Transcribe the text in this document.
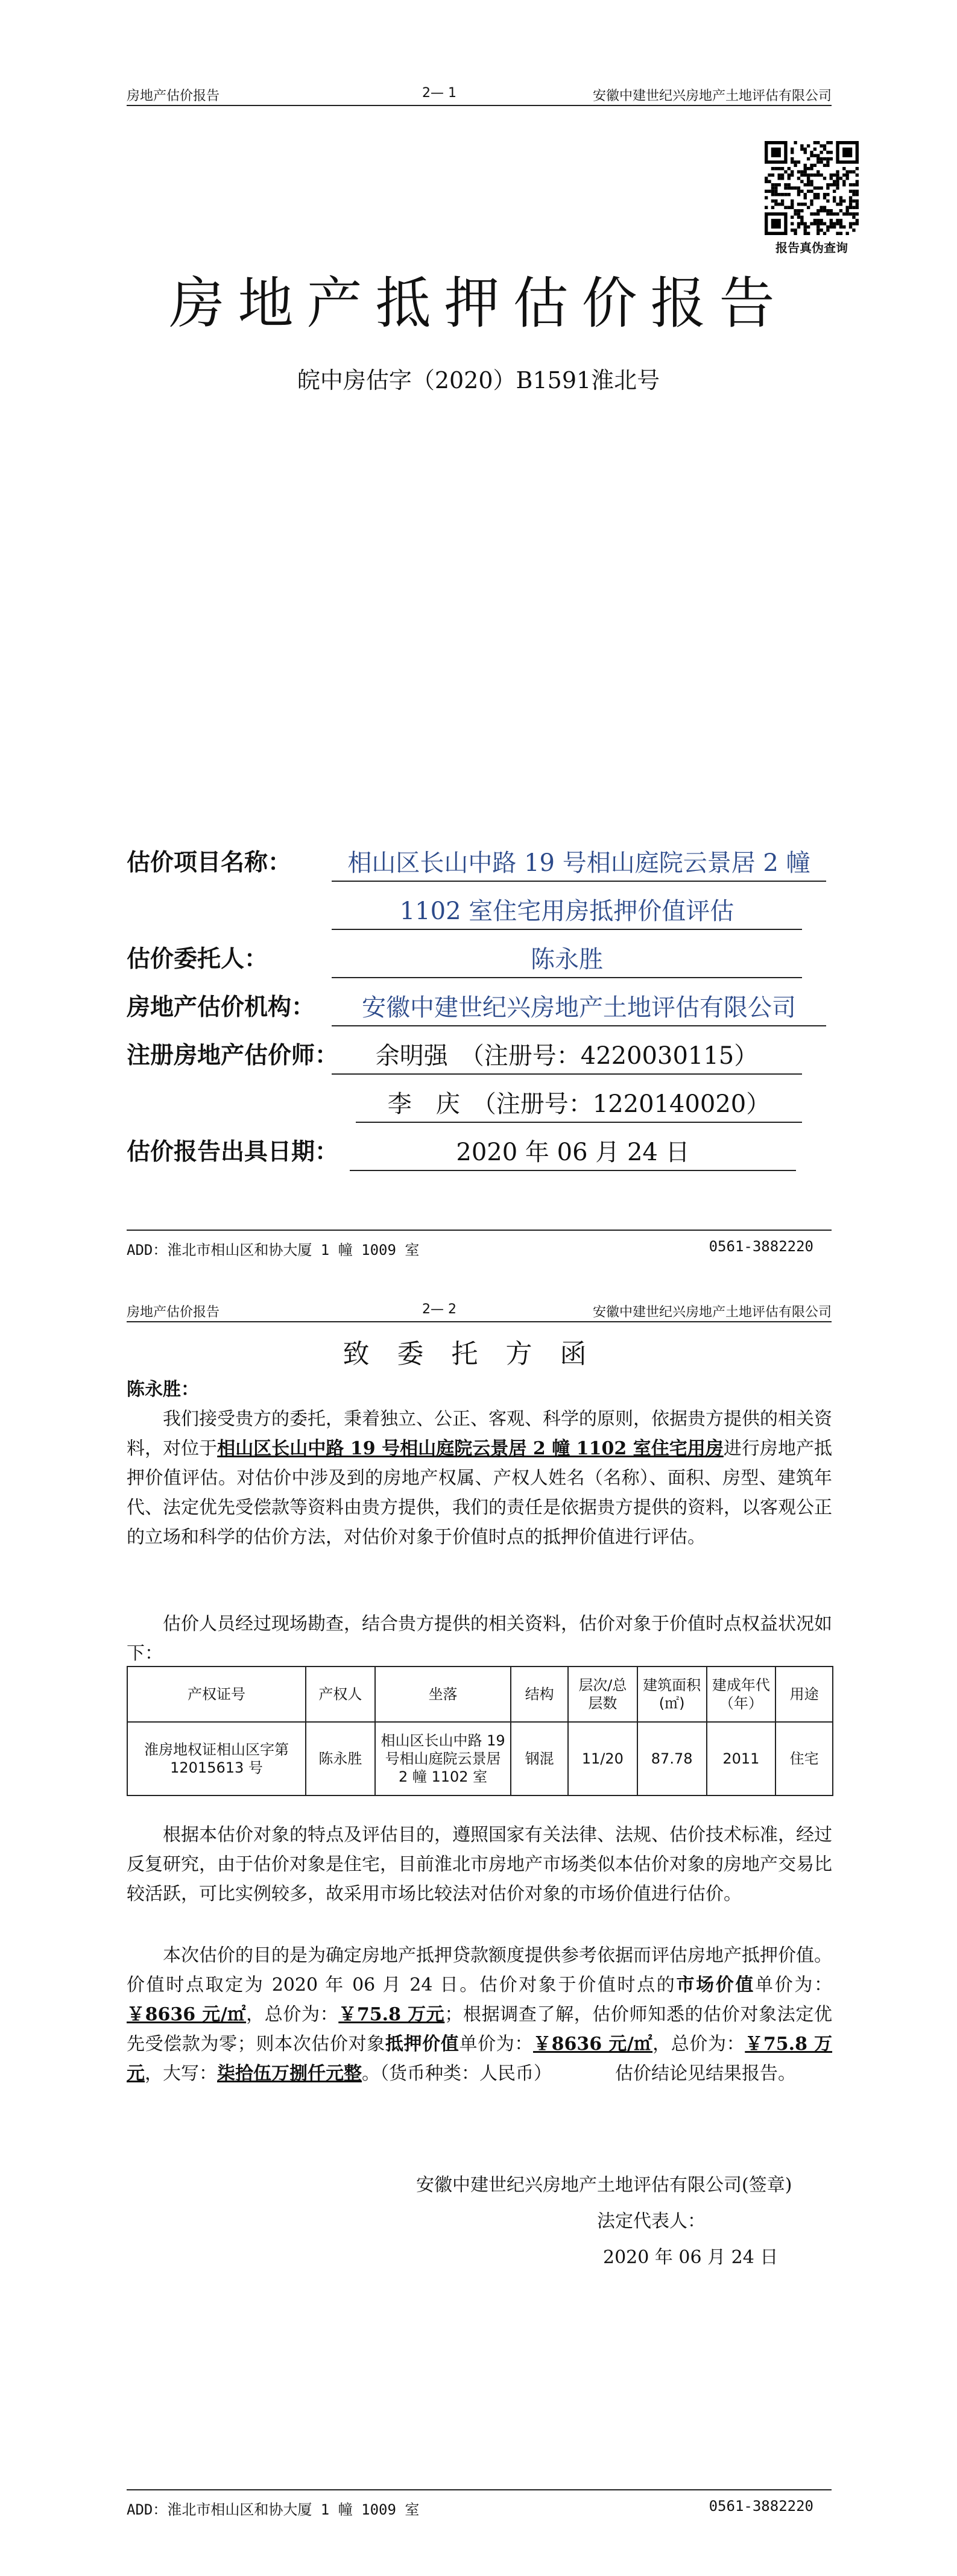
房地产估价报告	2— 1	安徽中建世纪兴房地产土地评估有限公司
报告真伪查询
房地产抵押估价报告
皖中房估字（2020）B1591淮北号
估价项目名称：	相山区长山中路 19 号相山庭院云景居 2 幢
1102 室住宅用房抵押价值评估
估价委托人：	陈永胜
房地产估价机构：	安徽中建世纪兴房地产土地评估有限公司
注册房地产估价师：	余明强　（注册号：4220030115）
李　庆　（注册号：1220140020）
估价报告出具日期：	2020 年 06 月 24 日
ADD：淮北市相山区和协大厦 1 幢 1009 室	0561-3882220
房地产估价报告	2— 2	安徽中建世纪兴房地产土地评估有限公司
致委托方函
陈永胜：
我们接受贵方的委托，秉着独立、公正、客观、科学的原则，依据贵方提供的相关资料，对位于相山区长山中路 19 号相山庭院云景居 2 幢 1102 室住宅用房进行房地产抵押价值评估。对估价中涉及到的房地产权属、产权人姓名（名称）、面积、房型、建筑年代、法定优先受偿款等资料由贵方提供，我们的责任是依据贵方提供的资料，以客观公正的立场和科学的估价方法，对估价对象于价值时点的抵押价值进行评估。
估价人员经过现场勘查，结合贵方提供的相关资料，估价对象于价值时点权益状况如下：
产权证号	产权人	坐落	结构	层次/总层数	建筑面积(㎡)	建成年代（年）	用途
淮房地权证相山区字第 12015613 号	陈永胜	相山区长山中路 19 号相山庭院云景居 2 幢 1102 室	钢混	11/20	87.78	2011	住宅
根据本估价对象的特点及评估目的，遵照国家有关法律、法规、估价技术标准，经过反复研究，由于估价对象是住宅，目前淮北市房地产市场类似本估价对象的房地产交易比较活跃，可比实例较多，故采用市场比较法对估价对象的市场价值进行估价。
本次估价的目的是为确定房地产抵押贷款额度提供参考依据而评估房地产抵押价值。价值时点取定为 2020 年 06 月 24 日。估价对象于价值时点的市场价值单价为：￥8636 元/㎡，总价为：￥75.8 万元；根据调查了解，估价师知悉的估价对象法定优先受偿款为零；则本次估价对象抵押价值单价为：￥8636 元/㎡，总价为：￥75.8 万元，大写：柒拾伍万捌仟元整。（货币种类：人民币）　　　　估价结论见结果报告。
安徽中建世纪兴房地产土地评估有限公司(签章)
法定代表人：
2020 年 06 月 24 日
ADD：淮北市相山区和协大厦 1 幢 1009 室	0561-3882220
